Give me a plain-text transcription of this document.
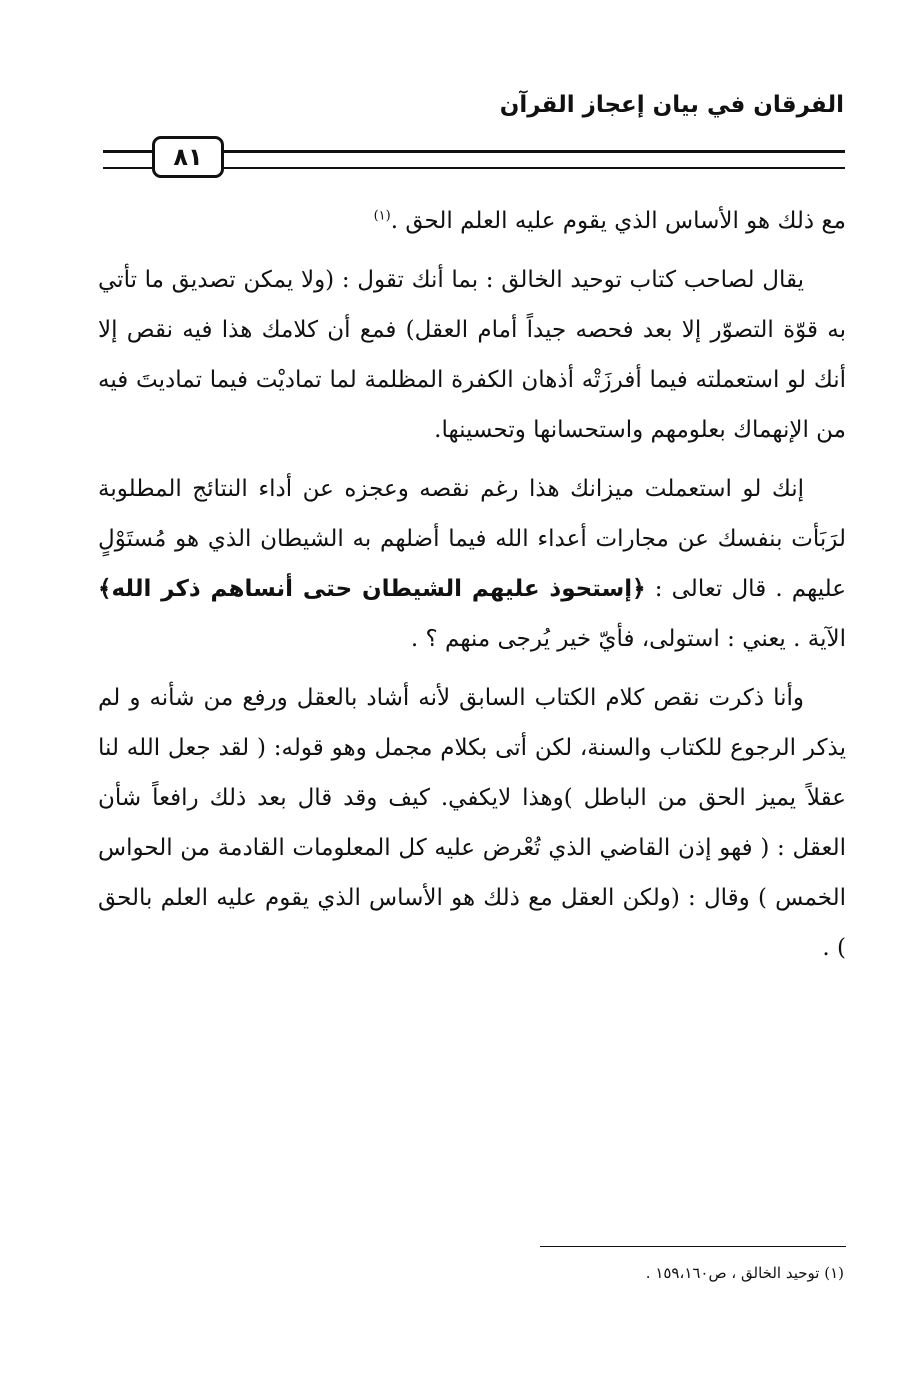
الفرقان في بيان إعجاز القرآن
٨١

مع ذلك هو الأساس الذي يقوم عليه العلم الحق .$^{(١)}$

يقال لصاحب كتاب توحيد الخالق : بما أنك تقول : (ولا يمكن تصديق ما تأتي به قوّة التصوّر إلا بعد فحصه جيداً أمام العقل) فمع أن كلامك هذا فيه نقص إلا أنك لو استعملته فيما أفرزَتْه أذهان الكفرة المظلمة لما تماديْت فيما تماديتَ فيه من الإنهماك بعلومهم واستحسانها وتحسينها.

إنك لو استعملت ميزانك هذا رغم نقصه وعجزه عن أداء النتائج المطلوبة لرَبَأت بنفسك عن مجارات أعداء الله فيما أضلهم به الشيطان الذي هو مُستَوْلٍ عليهم . قال تعالى : ﴿إستحوذ عليهم الشيطان حتى أنساهم ذكر الله﴾ الآية . يعني : استولى، فأيّ خير يُرجى منهم ؟ .

وأنا ذكرت نقص كلام الكتاب السابق لأنه أشاد بالعقل ورفع من شأنه و لم يذكر الرجوع للكتاب والسنة، لكن أتى بكلام مجمل وهو قوله: ( لقد جعل الله لنا عقلاً يميز الحق من الباطل )وهذا لايكفي. كيف وقد قال بعد ذلك رافعاً شأن العقل : ( فهو إذن القاضي الذي تُعْرض عليه كل المعلومات القادمة من الحواس الخمس ) وقال : (ولكن العقل مع ذلك هو الأساس الذي يقوم عليه العلم بالحق ) .

(١) توحيد الخالق ، ص١٥٩،١٦٠ .
